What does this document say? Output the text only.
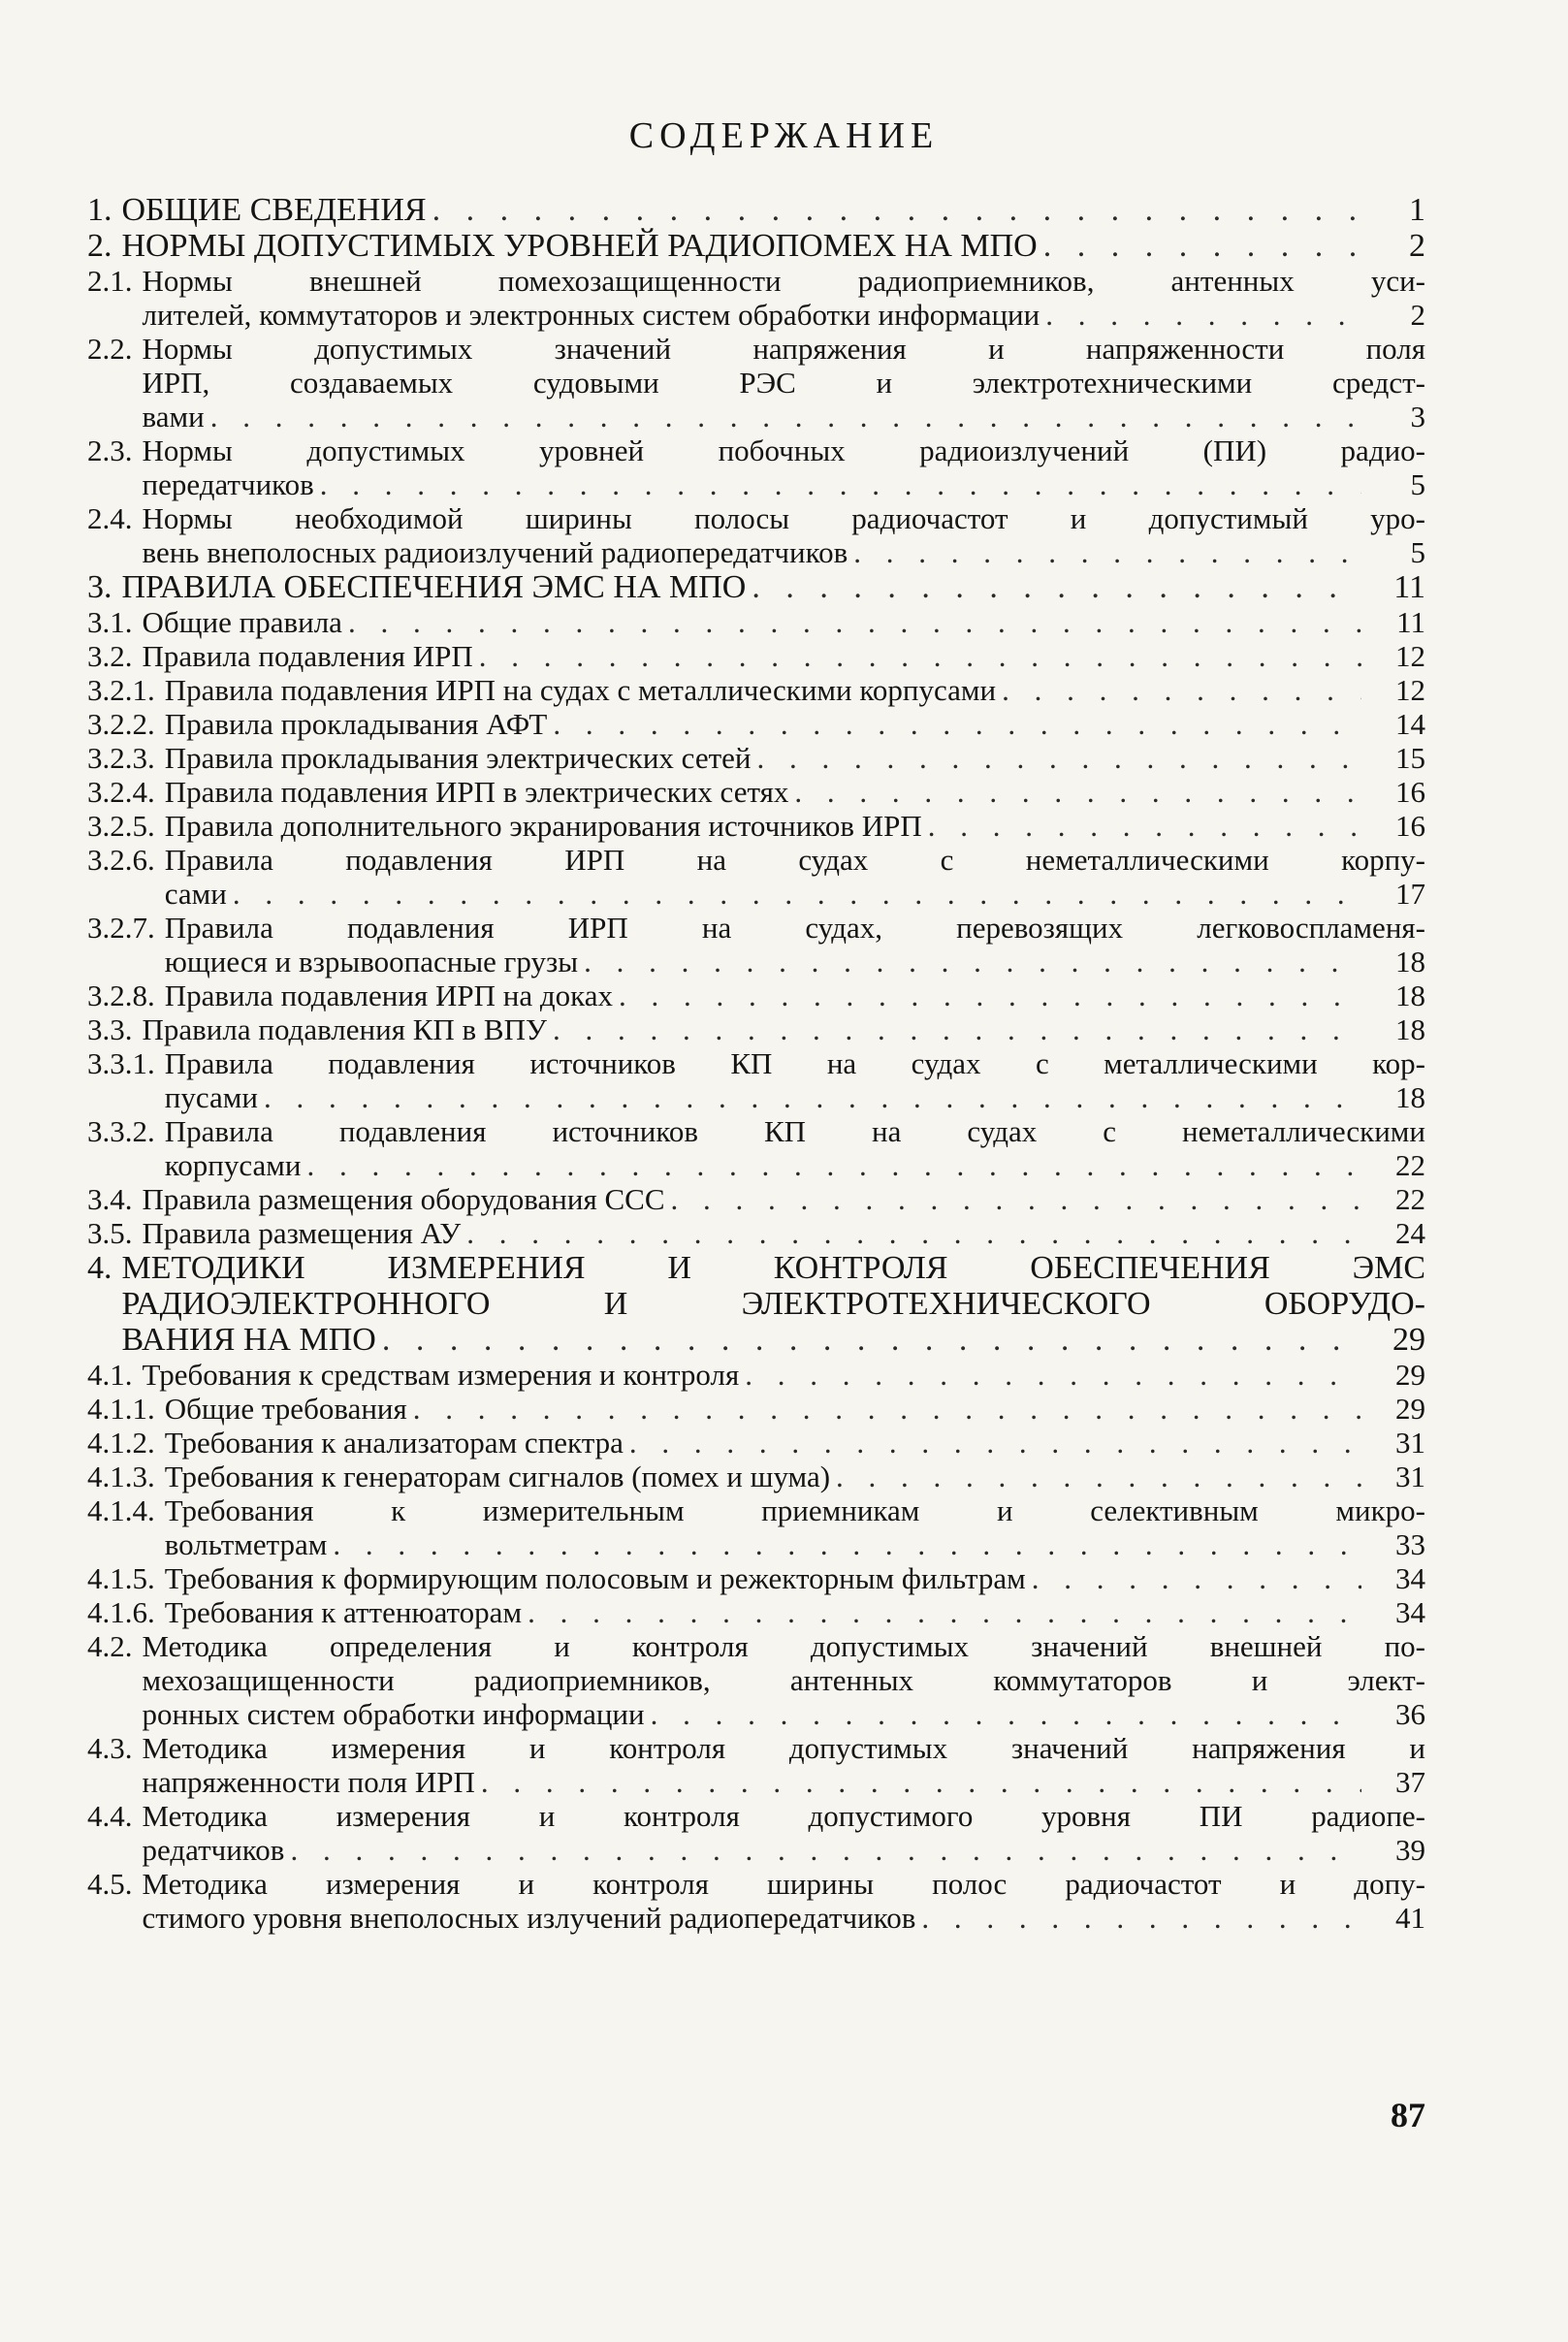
СОДЕРЖАНИЕ
1. ОБЩИЕ СВЕДЕНИЯ . . .	1
2. НОРМЫ ДОПУСТИМЫХ УРОВНЕЙ РАДИОПОМЕХ НА МПО . . .	2
2.1. Нормы внешней помехозащищенности радиоприемников, антенных уси-
лителей, коммутаторов и электронных систем обработки информации . . .	2
2.2. Нормы допустимых значений напряжения и напряженности поля
ИРП, создаваемых судовыми РЭС и электротехническими средст-
вами . . .	3
2.3. Нормы допустимых уровней побочных радиоизлучений (ПИ) радио-
передатчиков . . .	5
2.4. Нормы необходимой ширины полосы радиочастот и допустимый уро-
вень внеполосных радиоизлучений радиопередатчиков . . .	5
3. ПРАВИЛА ОБЕСПЕЧЕНИЯ ЭМС НА МПО . . .	11
3.1. Общие правила . . .	11
3.2. Правила подавления ИРП . . .	12
3.2.1. Правила подавления ИРП на судах с металлическими корпусами . . .	12
3.2.2. Правила прокладывания АФТ . . .	14
3.2.3. Правила прокладывания электрических сетей . . .	15
3.2.4. Правила подавления ИРП в электрических сетях . . .	16
3.2.5. Правила дополнительного экранирования источников ИРП . . .	16
3.2.6. Правила подавления ИРП на судах с неметаллическими корпу-
сами . . .	17
3.2.7. Правила подавления ИРП на судах, перевозящих легковоспламеня-
ющиеся и взрывоопасные грузы . . .	18
3.2.8. Правила подавления ИРП на доках . . .	18
3.3. Правила подавления КП в ВПУ . . .	18
3.3.1. Правила подавления источников КП на судах с металлическими кор-
пусами . . .	18
3.3.2. Правила подавления источников КП на судах с неметаллическими
корпусами . . .	22
3.4. Правила размещения оборудования ССС . . .	22
3.5. Правила размещения АУ . . .	24
4. МЕТОДИКИ ИЗМЕРЕНИЯ И КОНТРОЛЯ ОБЕСПЕЧЕНИЯ ЭМС
РАДИОЭЛЕКТРОННОГО И ЭЛЕКТРОТЕХНИЧЕСКОГО ОБОРУДО-
ВАНИЯ НА МПО . . .	29
4.1. Требования к средствам измерения и контроля . . .	29
4.1.1. Общие требования . . .	29
4.1.2. Требования к анализаторам спектра . . .	31
4.1.3. Требования к генераторам сигналов (помех и шума) . . .	31
4.1.4. Требования к измерительным приемникам и селективным микро-
вольтметрам . . .	33
4.1.5. Требования к формирующим полосовым и режекторным фильтрам . . .	34
4.1.6. Требования к аттенюаторам . . .	34
4.2. Методика определения и контроля допустимых значений внешней по-
мехозащищенности радиоприемников, антенных коммутаторов и элект-
ронных систем обработки информации . . .	36
4.3. Методика измерения и контроля допустимых значений напряжения и
напряженности поля ИРП . . .	37
4.4. Методика измерения и контроля допустимого уровня ПИ радиопе-
редатчиков . . .	39
4.5. Методика измерения и контроля ширины полос радиочастот и допу-
стимого уровня внеполосных излучений радиопередатчиков . . .	41
87
